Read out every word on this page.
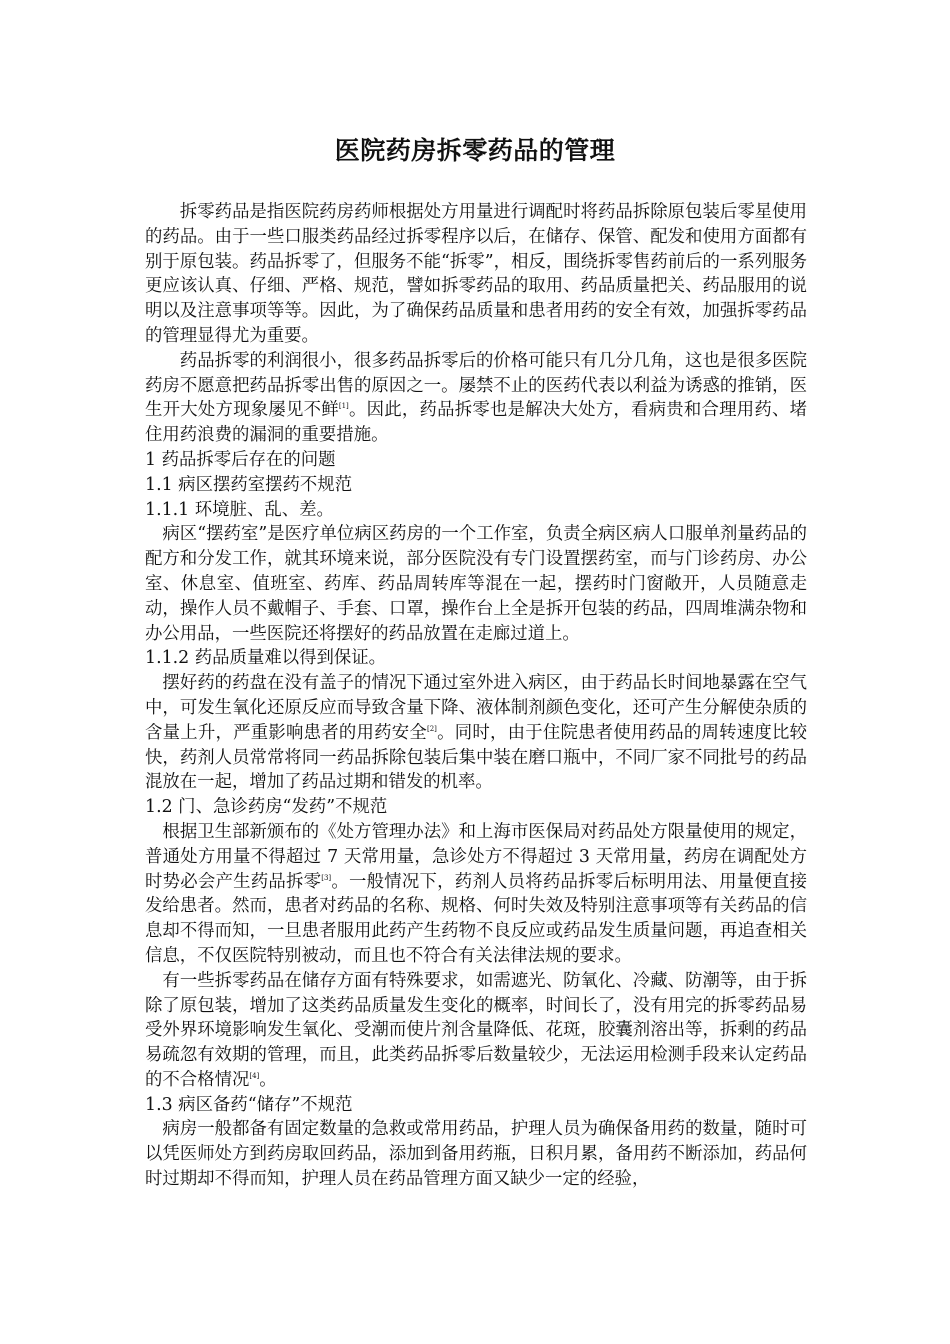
医院药房拆零药品的管理

拆零药品是指医院药房药师根据处方用量进行调配时将药品拆除原包装后零星使用的药品。由于一些口服类药品经过拆零程序以后，在储存、保管、配发和使用方面都有别于原包装。药品拆零了，但服务不能“拆零”，相反，围绕拆零售药前后的一系列服务更应该认真、仔细、严格、规范，譬如拆零药品的取用、药品质量把关、药品服用的说明以及注意事项等等。因此，为了确保药品质量和患者用药的安全有效，加强拆零药品的管理显得尤为重要。

药品拆零的利润很小，很多药品拆零后的价格可能只有几分几角，这也是很多医院药房不愿意把药品拆零出售的原因之一。屡禁不止的医药代表以利益为诱惑的推销，医生开大处方现象屡见不鲜[1]。因此，药品拆零也是解决大处方，看病贵和合理用药、堵住用药浪费的漏洞的重要措施。

1 药品拆零后存在的问题

1.1 病区摆药室摆药不规范

1.1.1 环境脏、乱、差。

病区“摆药室”是医疗单位病区药房的一个工作室，负责全病区病人口服单剂量药品的配方和分发工作，就其环境来说，部分医院没有专门设置摆药室，而与门诊药房、办公室、休息室、值班室、药库、药品周转库等混在一起，摆药时门窗敞开，人员随意走动，操作人员不戴帽子、手套、口罩，操作台上全是拆开包装的药品，四周堆满杂物和办公用品，一些医院还将摆好的药品放置在走廊过道上。

1.1.2 药品质量难以得到保证。

摆好药的药盘在没有盖子的情况下通过室外进入病区，由于药品长时间地暴露在空气中，可发生氧化还原反应而导致含量下降、液体制剂颜色变化，还可产生分解使杂质的含量上升，严重影响患者的用药安全[2]。同时，由于住院患者使用药品的周转速度比较快，药剂人员常常将同一药品拆除包装后集中装在磨口瓶中，不同厂家不同批号的药品混放在一起，增加了药品过期和错发的机率。

1.2 门、急诊药房“发药”不规范

根据卫生部新颁布的《处方管理办法》和上海市医保局对药品处方限量使用的规定，普通处方用量不得超过 7 天常用量，急诊处方不得超过 3 天常用量，药房在调配处方时势必会产生药品拆零[3]。一般情况下，药剂人员将药品拆零后标明用法、用量便直接发给患者。然而，患者对药品的名称、规格、何时失效及特别注意事项等有关药品的信息却不得而知，一旦患者服用此药产生药物不良反应或药品发生质量问题，再追查相关信息，不仅医院特别被动，而且也不符合有关法律法规的要求。

有一些拆零药品在储存方面有特殊要求，如需遮光、防氧化、冷藏、防潮等，由于拆除了原包装，增加了这类药品质量发生变化的概率，时间长了，没有用完的拆零药品易受外界环境影响发生氧化、受潮而使片剂含量降低、花斑，胶囊剂溶出等，拆剩的药品易疏忽有效期的管理，而且，此类药品拆零后数量较少，无法运用检测手段来认定药品的不合格情况[4]。

1.3 病区备药“储存”不规范

病房一般都备有固定数量的急救或常用药品，护理人员为确保备用药的数量，随时可以凭医师处方到药房取回药品，添加到备用药瓶，日积月累，备用药不断添加，药品何时过期却不得而知，护理人员在药品管理方面又缺少一定的经验，
